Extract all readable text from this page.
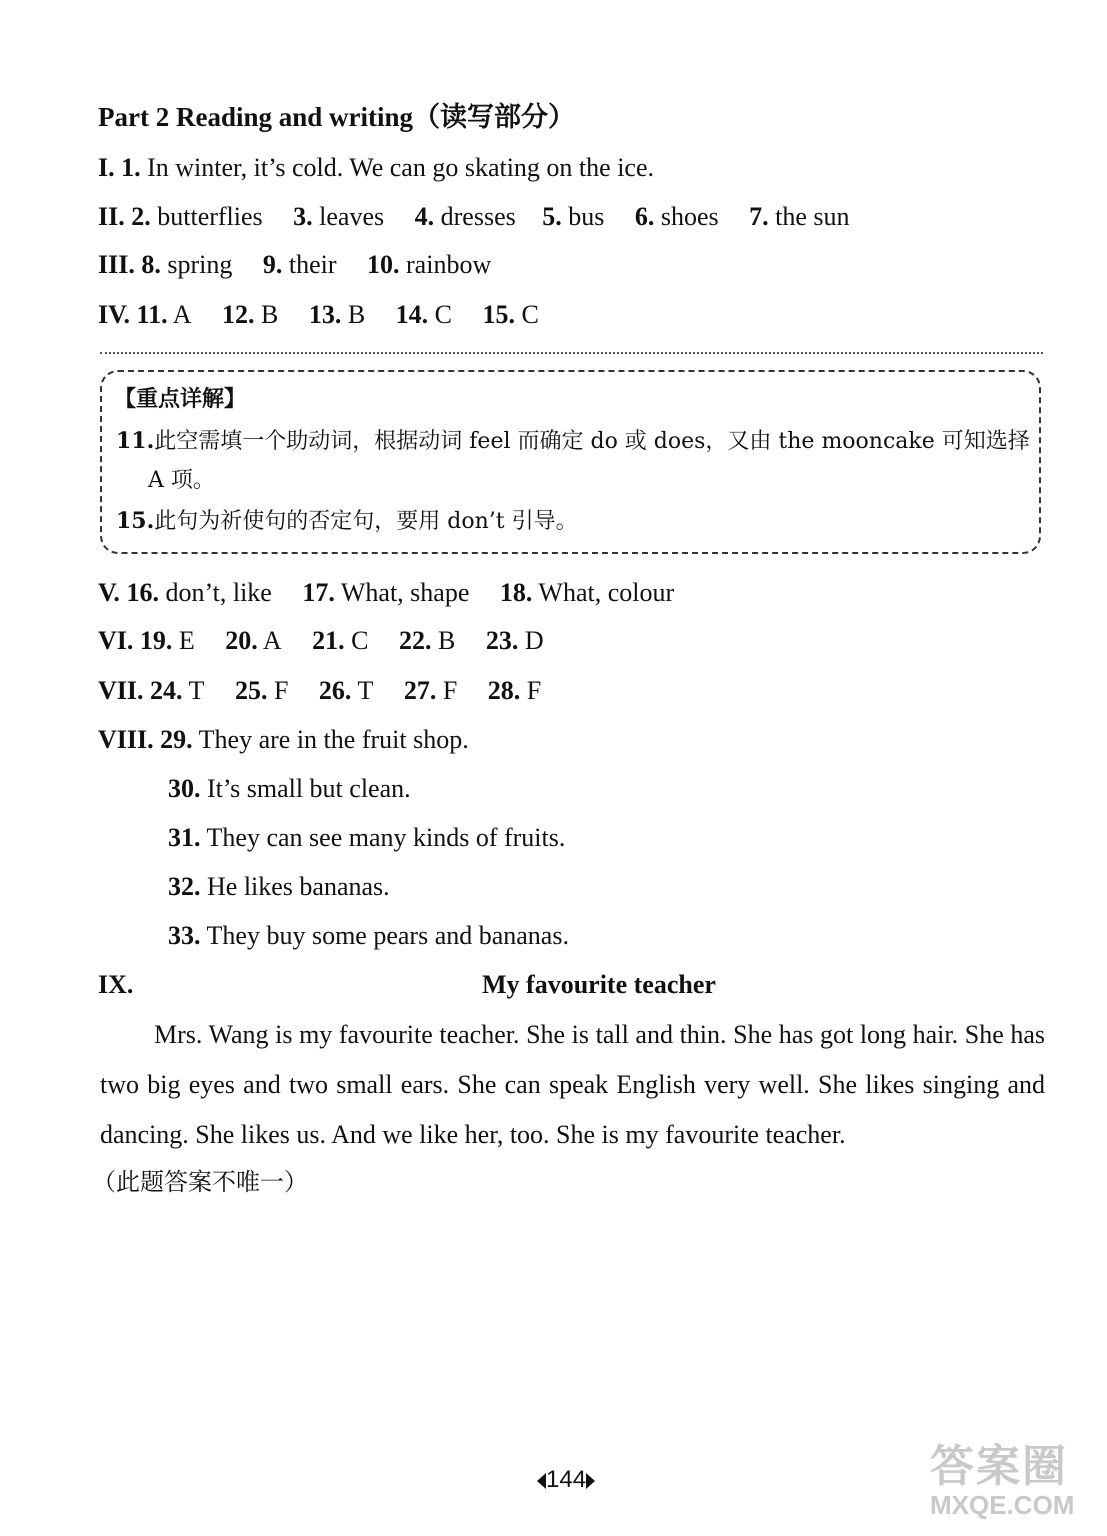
Part 2 Reading and writing（读写部分）
I. 1. In winter, it’s cold. We can go skating on the ice.
II. 2. butterflies 3. leaves 4. dresses 5. bus 6. shoes 7. the sun
III. 8. spring 9. their 10. rainbow
IV. 11. A 12. B 13. B 14. C 15. C
【重点详解】
11.此空需填一个助动词，根据动词 feel 而确定 do 或 does，又由 the mooncake 可知选择
A 项。
15.此句为祈使句的否定句，要用 don’t 引导。
V. 16. don’t, like 17. What, shape 18. What, colour
VI. 19. E 20. A 21. C 22. B 23. D
VII. 24. T 25. F 26. T 27. F 28. F
VIII. 29. They are in the fruit shop.
30. It’s small but clean.
31. They can see many kinds of fruits.
32. He likes bananas.
33. They buy some pears and bananas.
IX.	My favourite teacher
Mrs. Wang is my favourite teacher. She is tall and thin. She has got long hair. She has two big eyes and two small ears. She can speak English very well. She likes singing and dancing. She likes us. And we like her, too. She is my favourite teacher.
（此题答案不唯一）
144	答案圈
MXQE.COM
